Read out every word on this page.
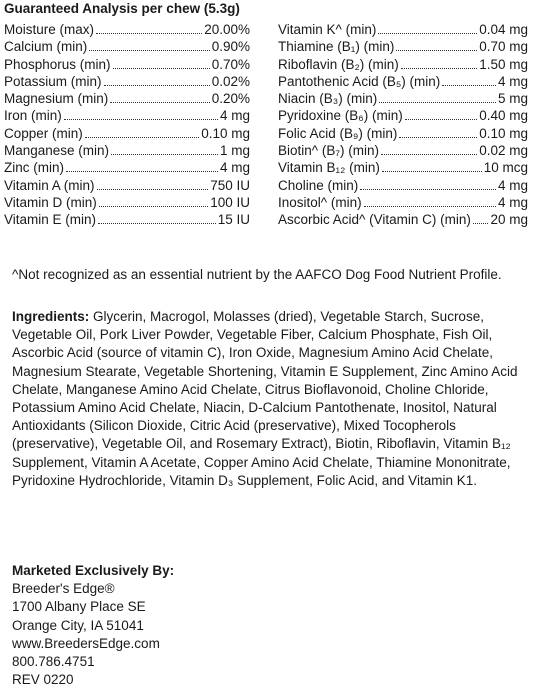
Guaranteed Analysis per chew (5.3g)
Moisture (max)	20.00%
Calcium (min)	0.90%
Phosphorus (min)	0.70%
Potassium (min)	0.02%
Magnesium (min)	0.20%
Iron (min)	4 mg
Copper (min)	0.10 mg
Manganese (min)	1 mg
Zinc (min)	4 mg
Vitamin A (min)	750 IU
Vitamin D (min)	100 IU
Vitamin E (min)	15 IU
Vitamin K^ (min)	0.04 mg
Thiamine (B₁) (min)	0.70 mg
Riboflavin (B₂) (min)	1.50 mg
Pantothenic Acid (B₅) (min)	4 mg
Niacin (B₃) (min)	5 mg
Pyridoxine (B₆) (min)	0.40 mg
Folic Acid (B₉) (min)	0.10 mg
Biotin^ (B₇) (min)	0.02 mg
Vitamin B₁₂ (min)	10 mcg
Choline (min)	4 mg
Inositol^ (min)	4 mg
Ascorbic Acid^ (Vitamin C) (min) 20 mg
^Not recognized as an essential nutrient by the AAFCO Dog Food Nutrient Profile.
Ingredients: Glycerin, Macrogol, Molasses (dried), Vegetable Starch, Sucrose, Vegetable Oil, Pork Liver Powder, Vegetable Fiber, Calcium Phosphate, Fish Oil, Ascorbic Acid (source of vitamin C), Iron Oxide, Magnesium Amino Acid Chelate, Magnesium Stearate, Vegetable Shortening, Vitamin E Supplement, Zinc Amino Acid Chelate, Manganese Amino Acid Chelate, Citrus Bioflavonoid, Choline Chloride, Potassium Amino Acid Chelate, Niacin, D-Calcium Pantothenate, Inositol, Natural Antioxidants (Silicon Dioxide, Citric Acid (preservative), Mixed Tocopherols (preservative), Vegetable Oil, and Rosemary Extract), Biotin, Riboflavin, Vitamin B₁₂ Supplement, Vitamin A Acetate, Copper Amino Acid Chelate, Thiamine Mononitrate, Pyridoxine Hydrochloride, Vitamin D₃ Supplement, Folic Acid, and Vitamin K1.
Marketed Exclusively By:
Breeder's Edge®
1700 Albany Place SE
Orange City, IA 51041
www.BreedersEdge.com
800.786.4751
REV 0220
